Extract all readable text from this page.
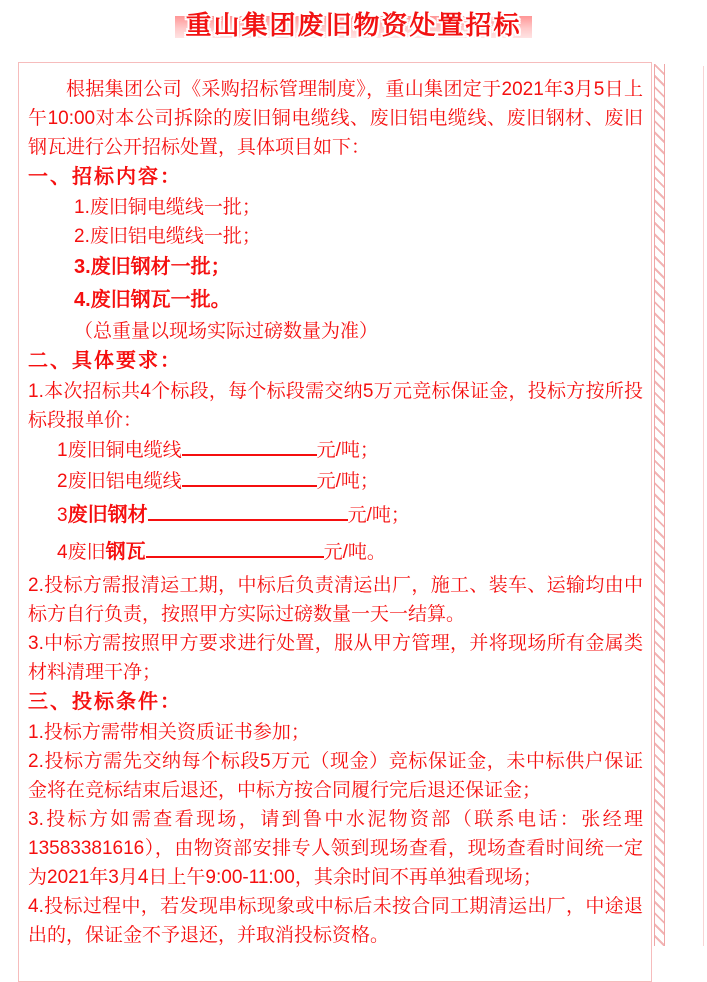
重山集团废旧物资处置招标

根据集团公司《采购招标管理制度》，重山集团定于2021年3月5日上午10:00对本公司拆除的废旧铜电缆线、废旧铝电缆线、废旧钢材、废旧钢瓦进行公开招标处置，具体项目如下：

一、招标内容：

1.废旧铜电缆线一批；
2.废旧铝电缆线一批；
3.废旧钢材一批；
4.废旧钢瓦一批。

（总重量以现场实际过磅数量为准）

二、具体要求：

1.本次招标共4个标段，每个标段需交纳5万元竞标保证金，投标方按所投标段报单价：

1废旧铜电缆线	元/吨；

2废旧铝电缆线	元/吨；

3废旧钢材	元/吨；

4废旧钢瓦	元/吨。

2.投标方需报清运工期，中标后负责清运出厂，施工、装车、运输均由中标方自行负责，按照甲方实际过磅数量一天一结算。

3.中标方需按照甲方要求进行处置，服从甲方管理，并将现场所有金属类材料清理干净；

三、投标条件：

1.投标方需带相关资质证书参加；

2.投标方需先交纳每个标段5万元（现金）竞标保证金，未中标供户保证金将在竞标结束后退还，中标方按合同履行完后退还保证金；

3.投标方如需查看现场，请到鲁中水泥物资部（联系电话：张经理13583381616），由物资部安排专人领到现场查看，现场查看时间统一定为2021年3月4日上午9:00-11:00，其余时间不再单独看现场；

4.投标过程中，若发现串标现象或中标后未按合同工期清运出厂，中途退出的，保证金不予退还，并取消投标资格。
